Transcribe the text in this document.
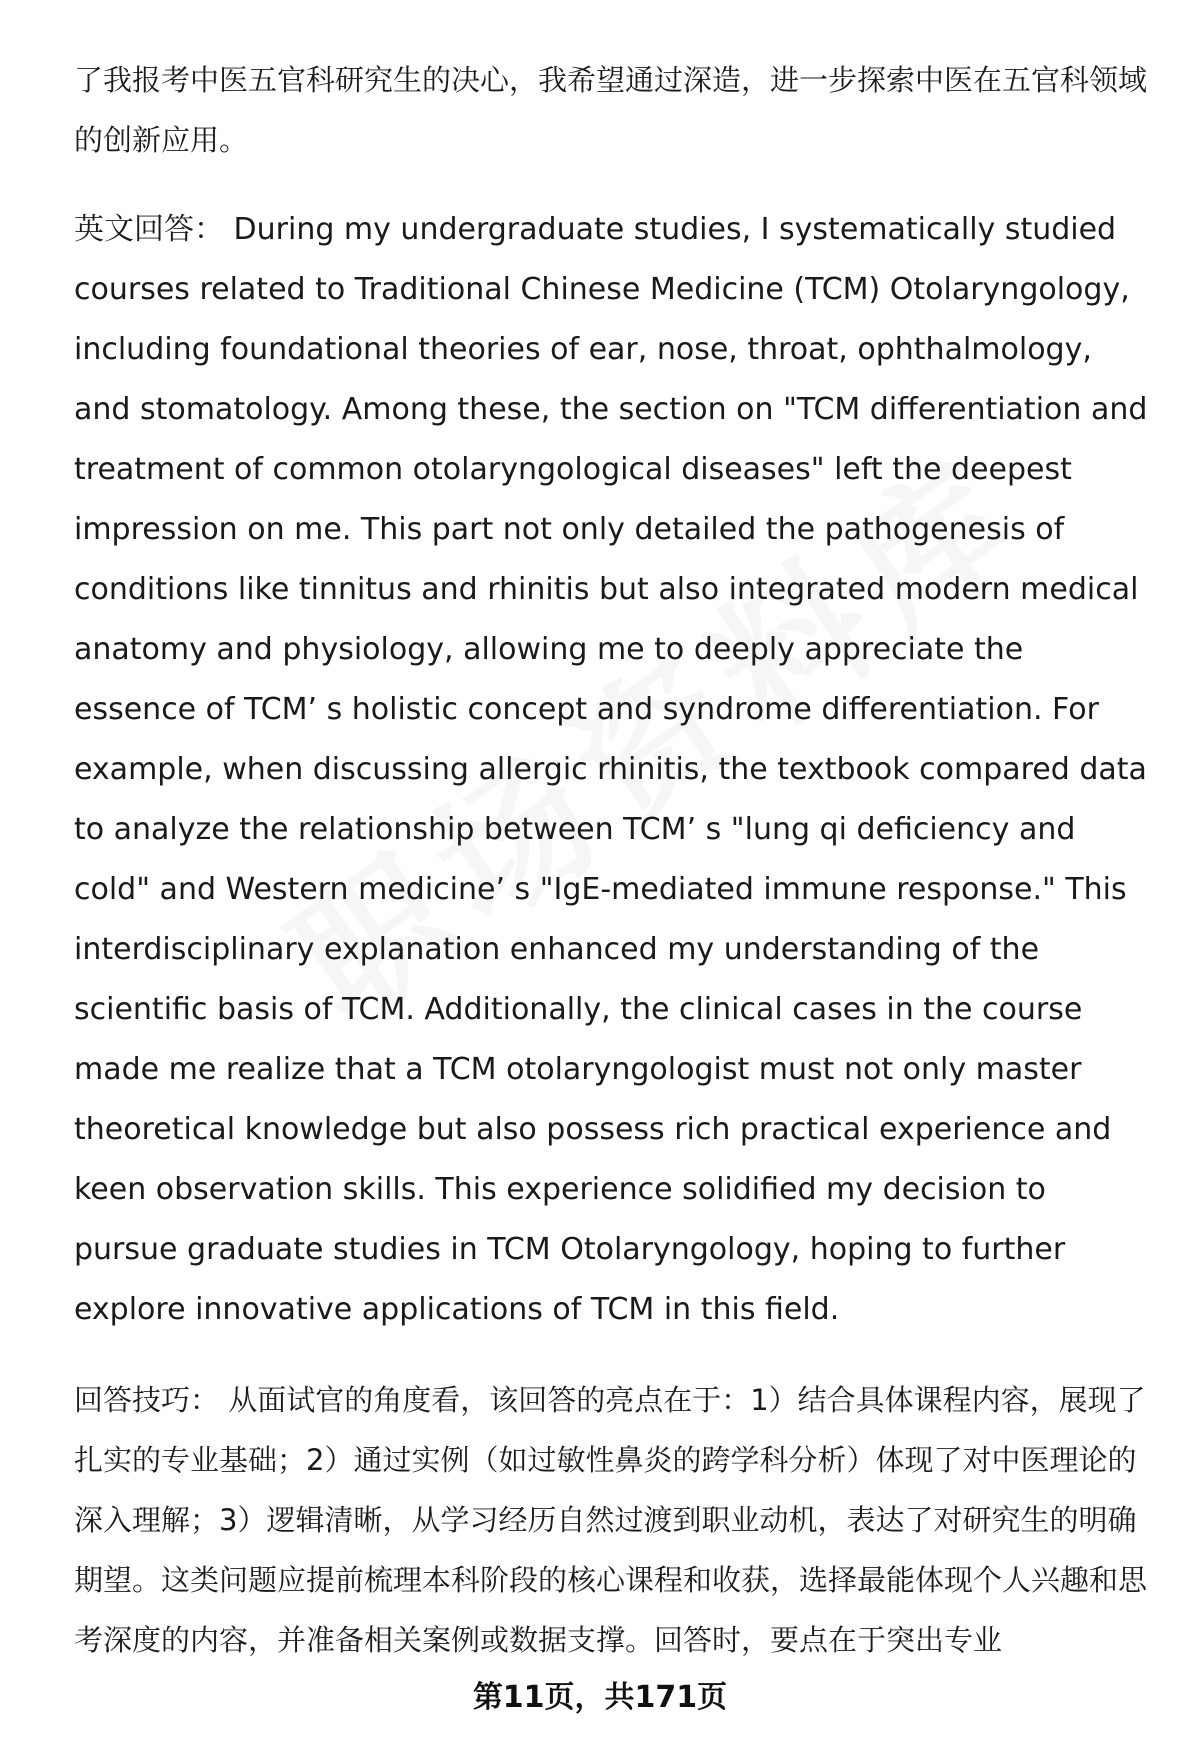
了我报考中医五官科研究生的决心，我希望通过深造，进一步探索中医在五官科领域的创新应用。

英文回答： During my undergraduate studies, I systematically studied courses related to Traditional Chinese Medicine (TCM) Otolaryngology, including foundational theories of ear, nose, throat, ophthalmology, and stomatology. Among these, the section on "TCM differentiation and treatment of common otolaryngological diseases" left the deepest impression on me. This part not only detailed the pathogenesis of conditions like tinnitus and rhinitis but also integrated modern medical anatomy and physiology, allowing me to deeply appreciate the essence of TCM’ s holistic concept and syndrome differentiation. For example, when discussing allergic rhinitis, the textbook compared data to analyze the relationship between TCM’ s "lung qi deficiency and cold" and Western medicine’ s "IgE-mediated immune response." This interdisciplinary explanation enhanced my understanding of the scientific basis of TCM. Additionally, the clinical cases in the course made me realize that a TCM otolaryngologist must not only master theoretical knowledge but also possess rich practical experience and keen observation skills. This experience solidified my decision to pursue graduate studies in TCM Otolaryngology, hoping to further explore innovative applications of TCM in this field.

回答技巧： 从面试官的角度看，该回答的亮点在于：1）结合具体课程内容，展现了扎实的专业基础；2）通过实例（如过敏性鼻炎的跨学科分析）体现了对中医理论的深入理解；3）逻辑清晰，从学习经历自然过渡到职业动机，表达了对研究生的明确期望。这类问题应提前梳理本科阶段的核心课程和收获，选择最能体现个人兴趣和思考深度的内容，并准备相关案例或数据支撑。回答时，要点在于突出专业

第11页，共171页
